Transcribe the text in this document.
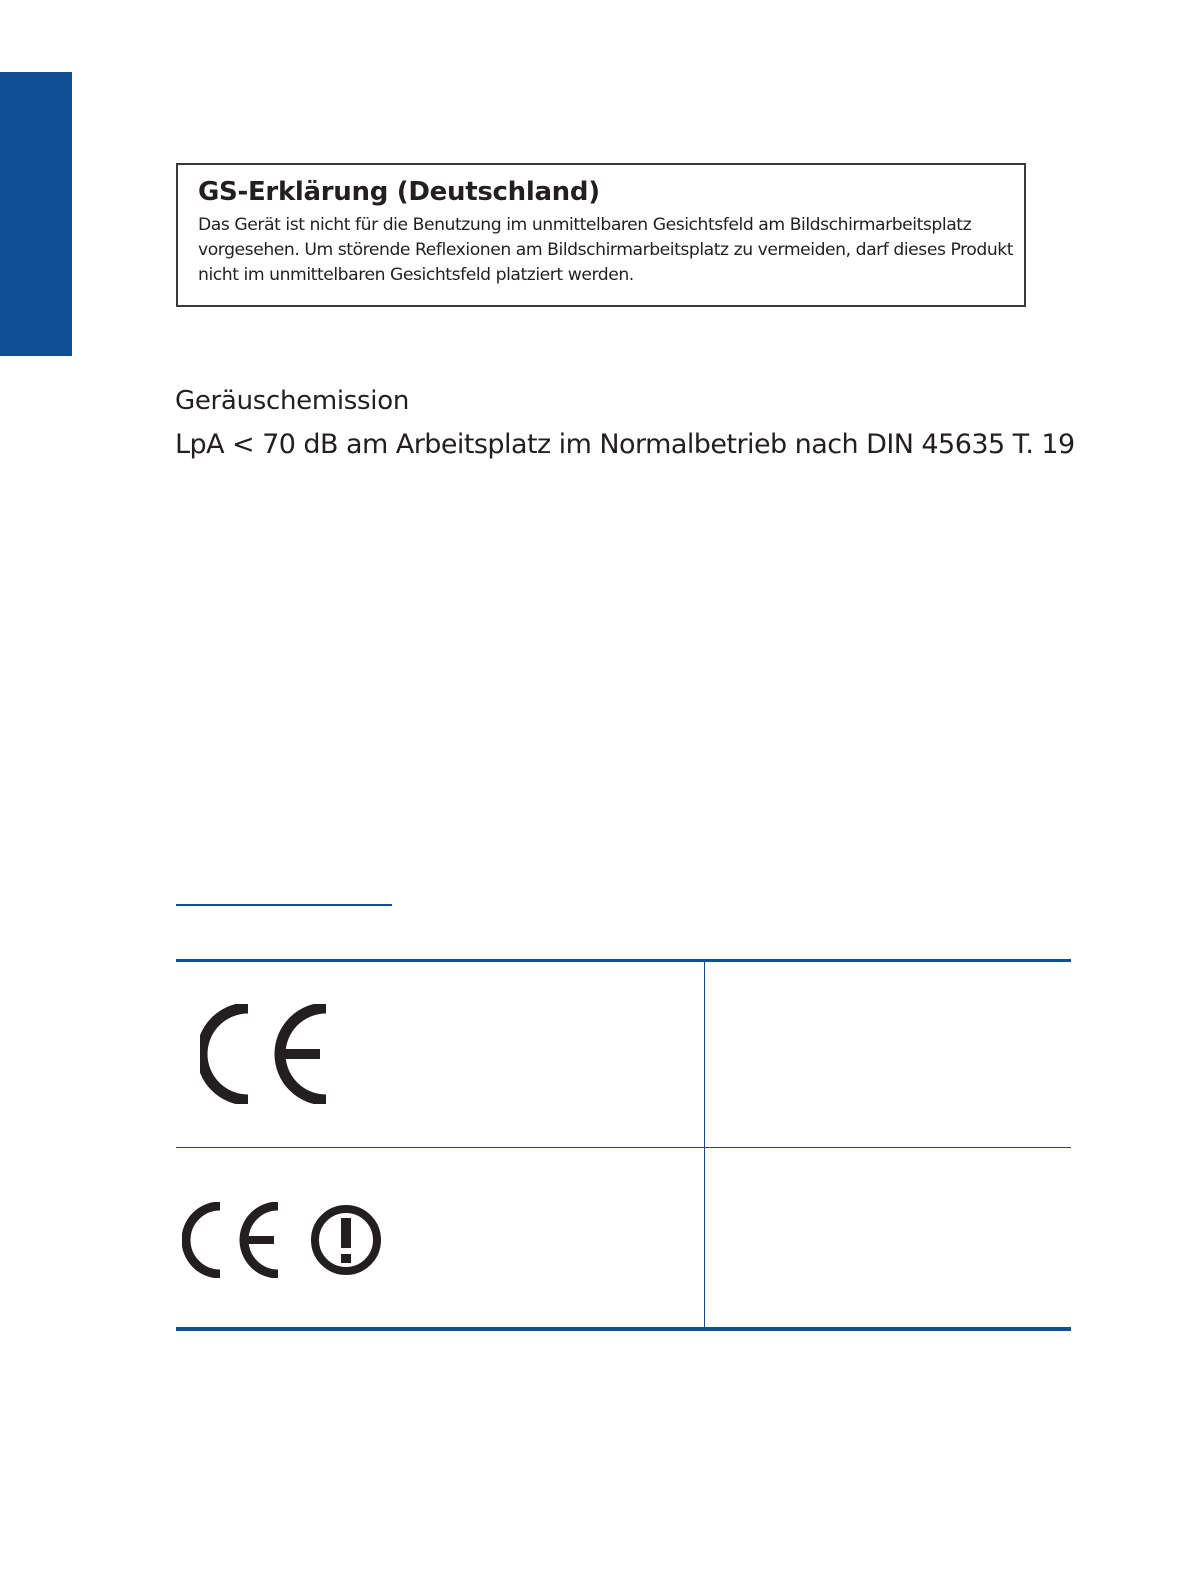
GS-Erklärung (Deutschland)

Das Gerät ist nicht für die Benutzung im unmittelbaren Gesichtsfeld am Bildschirmarbeitsplatz

vorgesehen. Um störende Reflexionen am Bildschirmarbeitsplatz zu vermeiden, darf dieses Produkt

nicht im unmittelbaren Gesichtsfeld platziert werden.

Geräuschemission
LpA < 70 dB am Arbeitsplatz im Normalbetrieb nach DIN 45635 T. 19
